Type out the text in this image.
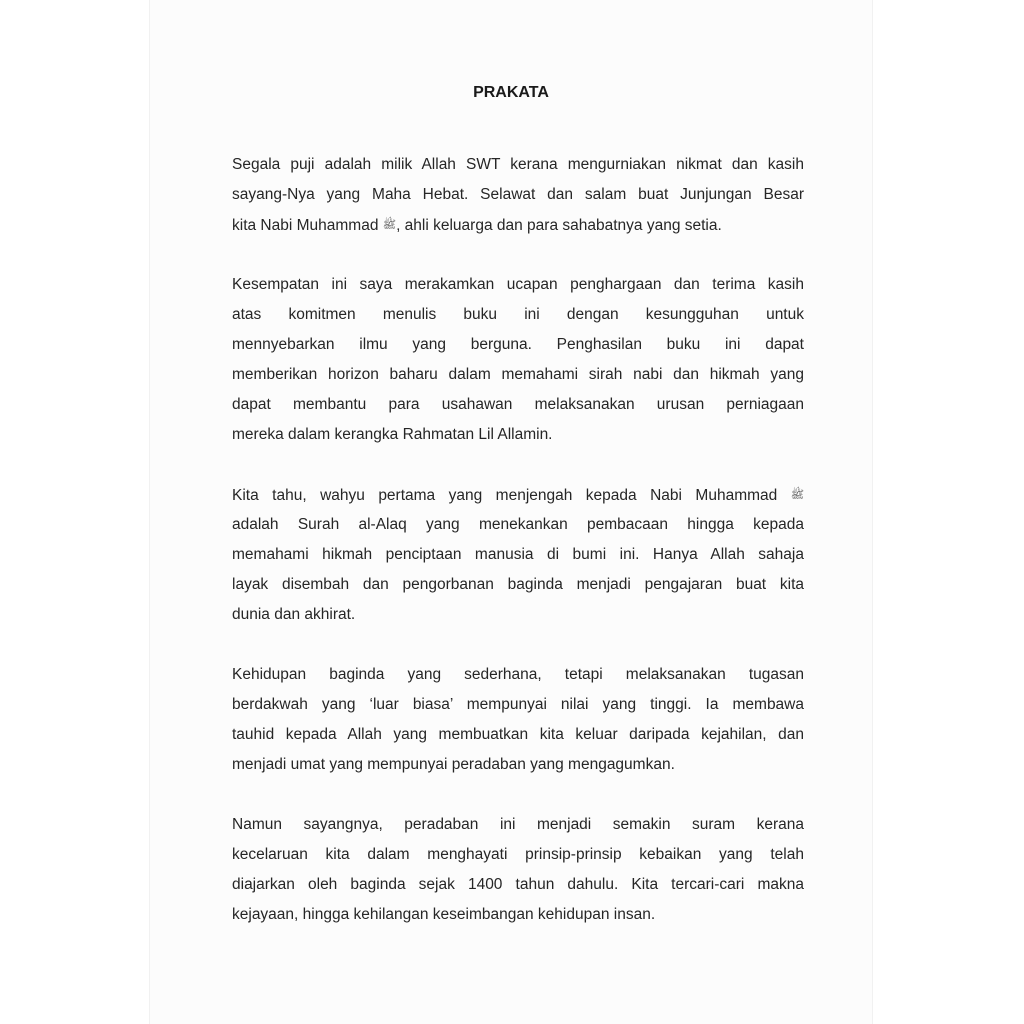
PRAKATA
Segala puji adalah milik Allah SWT kerana mengurniakan nikmat dan kasih
sayang-Nya yang Maha Hebat. Selawat dan salam buat Junjungan Besar
kita Nabi Muhammad ﷺ, ahli keluarga dan para sahabatnya yang setia.
Kesempatan ini saya merakamkan ucapan penghargaan dan terima kasih
atas komitmen menulis buku ini dengan kesungguhan untuk
mennyebarkan ilmu yang berguna. Penghasilan buku ini dapat
memberikan horizon baharu dalam memahami sirah nabi dan hikmah yang
dapat membantu para usahawan melaksanakan urusan perniagaan
mereka dalam kerangka Rahmatan Lil Allamin.
Kita tahu, wahyu pertama yang menjengah kepada Nabi Muhammad ﷺ
adalah Surah al-Alaq yang menekankan pembacaan hingga kepada
memahami hikmah penciptaan manusia di bumi ini. Hanya Allah sahaja
layak disembah dan pengorbanan baginda menjadi pengajaran buat kita
dunia dan akhirat.
Kehidupan baginda yang sederhana, tetapi melaksanakan tugasan
berdakwah yang ‘luar biasa’ mempunyai nilai yang tinggi. Ia membawa
tauhid kepada Allah yang membuatkan kita keluar daripada kejahilan, dan
menjadi umat yang mempunyai peradaban yang mengagumkan.
Namun sayangnya, peradaban ini menjadi semakin suram kerana
kecelaruan kita dalam menghayati prinsip-prinsip kebaikan yang telah
diajarkan oleh baginda sejak 1400 tahun dahulu. Kita tercari-cari makna
kejayaan, hingga kehilangan keseimbangan kehidupan insan.
